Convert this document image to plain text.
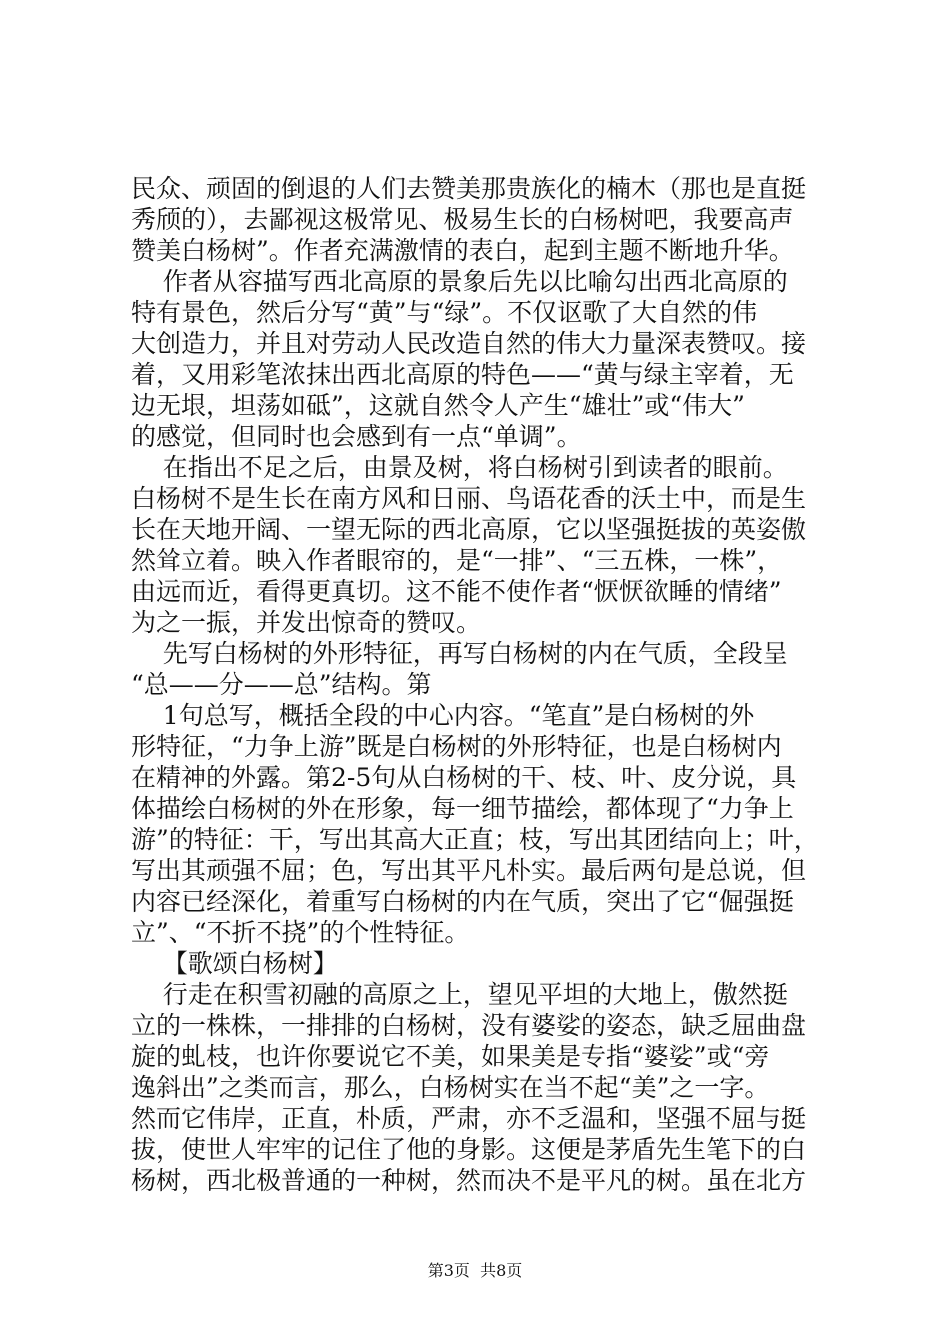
民众、顽固的倒退的人们去赞美那贵族化的楠木（那也是直挺
秀颀的），去鄙视这极常见、极易生长的白杨树吧，我要高声
赞美白杨树”。作者充满激情的表白，起到主题不断地升华。
作者从容描写西北高原的景象后先以比喻勾出西北高原的
特有景色，然后分写“黄”与“绿”。不仅讴歌了大自然的伟
大创造力，并且对劳动人民改造自然的伟大力量深表赞叹。接
着，又用彩笔浓抹出西北高原的特色——“黄与绿主宰着，无
边无垠，坦荡如砥”，这就自然令人产生“雄壮”或“伟大”
的感觉，但同时也会感到有一点“单调”。
在指出不足之后，由景及树，将白杨树引到读者的眼前。
白杨树不是生长在南方风和日丽、鸟语花香的沃土中，而是生
长在天地开阔、一望无际的西北高原，它以坚强挺拔的英姿傲
然耸立着。映入作者眼帘的，是“一排”、“三五株，一株”，
由远而近，看得更真切。这不能不使作者“恹恹欲睡的情绪”
为之一振，并发出惊奇的赞叹。
先写白杨树的外形特征，再写白杨树的内在气质，全段呈
“总——分——总”结构。第
1句总写，概括全段的中心内容。“笔直”是白杨树的外
形特征，“力争上游”既是白杨树的外形特征，也是白杨树内
在精神的外露。第2-5句从白杨树的干、枝、叶、皮分说，具
体描绘白杨树的外在形象，每一细节描绘，都体现了“力争上
游”的特征：干，写出其高大正直；枝，写出其团结向上；叶，
写出其顽强不屈；色，写出其平凡朴实。最后两句是总说，但
内容已经深化，着重写白杨树的内在气质，突出了它“倔强挺
立”、“不折不挠”的个性特征。
【歌颂白杨树】
行走在积雪初融的高原之上，望见平坦的大地上，傲然挺
立的一株株，一排排的白杨树，没有婆娑的姿态，缺乏屈曲盘
旋的虬枝，也许你要说它不美，如果美是专指“婆娑”或“旁
逸斜出”之类而言，那么，白杨树实在当不起“美”之一字。
然而它伟岸，正直，朴质，严肃，亦不乏温和，坚强不屈与挺
拔，使世人牢牢的记住了他的身影。这便是茅盾先生笔下的白
杨树，西北极普通的一种树，然而决不是平凡的树。虽在北方
第3页  共8页
